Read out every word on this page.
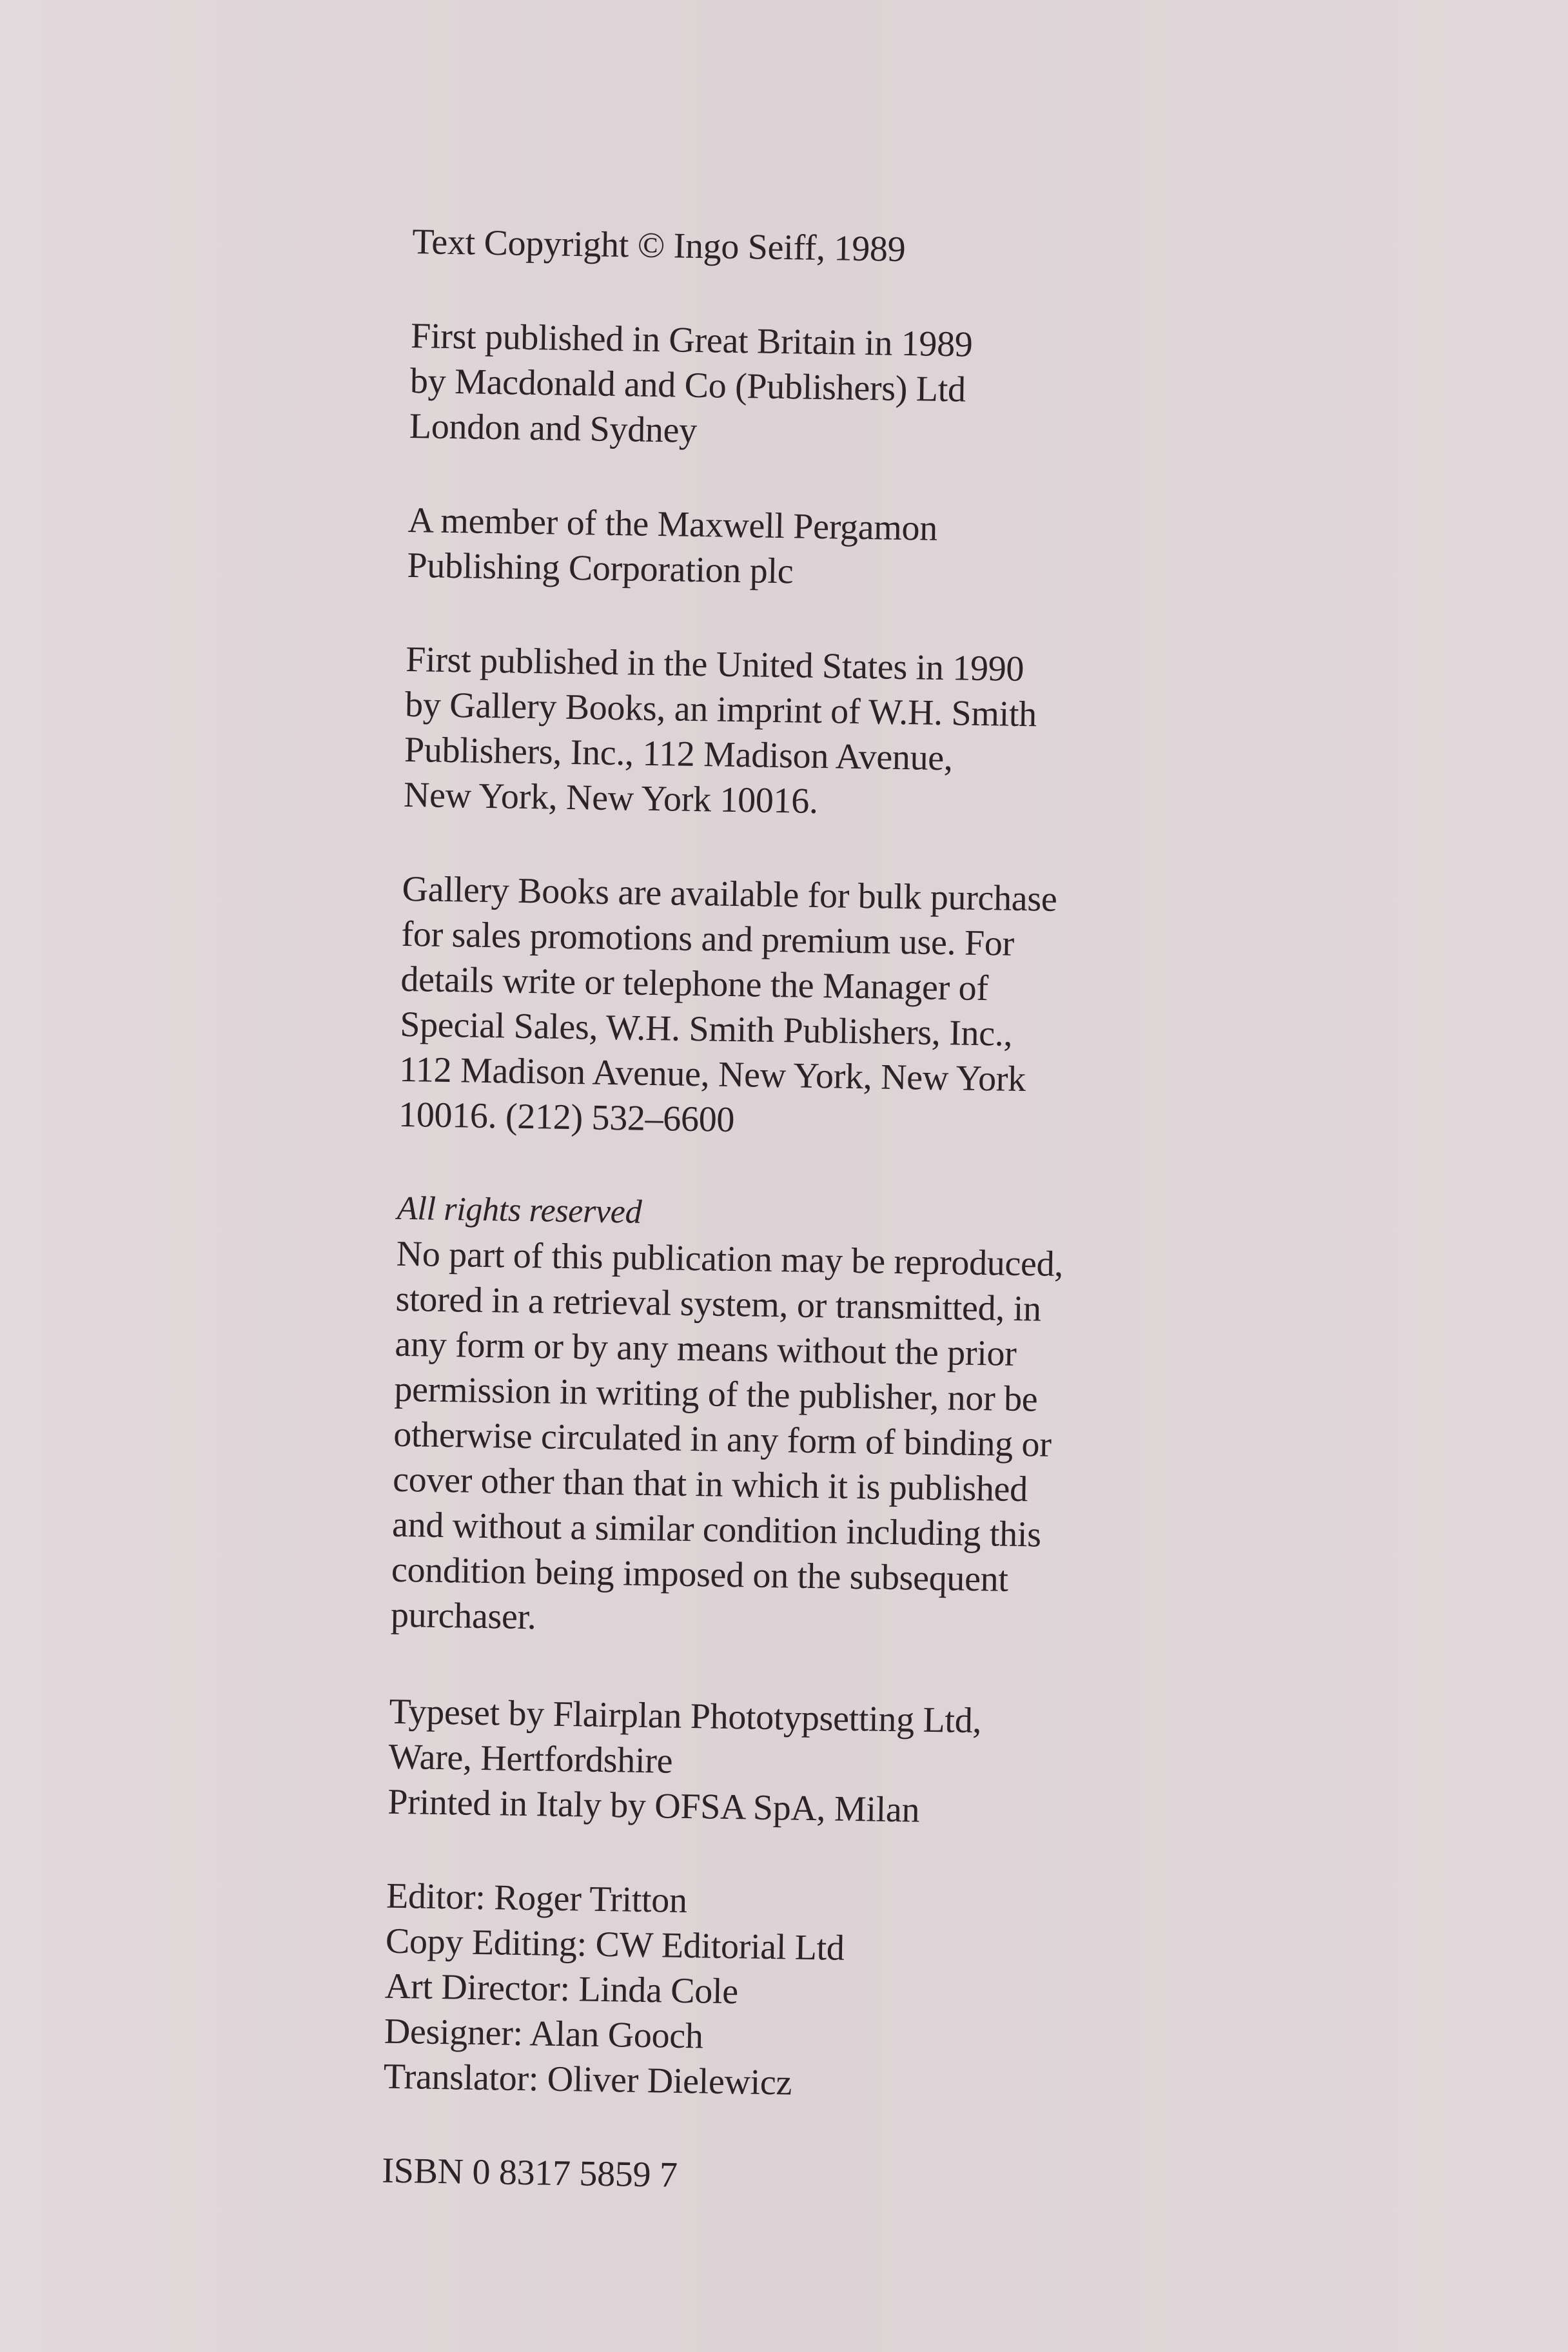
Text Copyright © Ingo Seiff, 1989
First published in Great Britain in 1989
by Macdonald and Co (Publishers) Ltd
London and Sydney
A member of the Maxwell Pergamon
Publishing Corporation plc
First published in the United States in 1990
by Gallery Books, an imprint of W.H. Smith
Publishers, Inc., 112 Madison Avenue,
New York, New York 10016.
Gallery Books are available for bulk purchase
for sales promotions and premium use. For
details write or telephone the Manager of
Special Sales, W.H. Smith Publishers, Inc.,
112 Madison Avenue, New York, New York
10016. (212) 532–6600
All rights reserved
No part of this publication may be reproduced,
stored in a retrieval system, or transmitted, in
any form or by any means without the prior
permission in writing of the publisher, nor be
otherwise circulated in any form of binding or
cover other than that in which it is published
and without a similar condition including this
condition being imposed on the subsequent
purchaser.
Typeset by Flairplan Phototypsetting Ltd,
Ware, Hertfordshire
Printed in Italy by OFSA SpA, Milan
Editor: Roger Tritton
Copy Editing: CW Editorial Ltd
Art Director: Linda Cole
Designer: Alan Gooch
Translator: Oliver Dielewicz
ISBN 0 8317 5859 7
